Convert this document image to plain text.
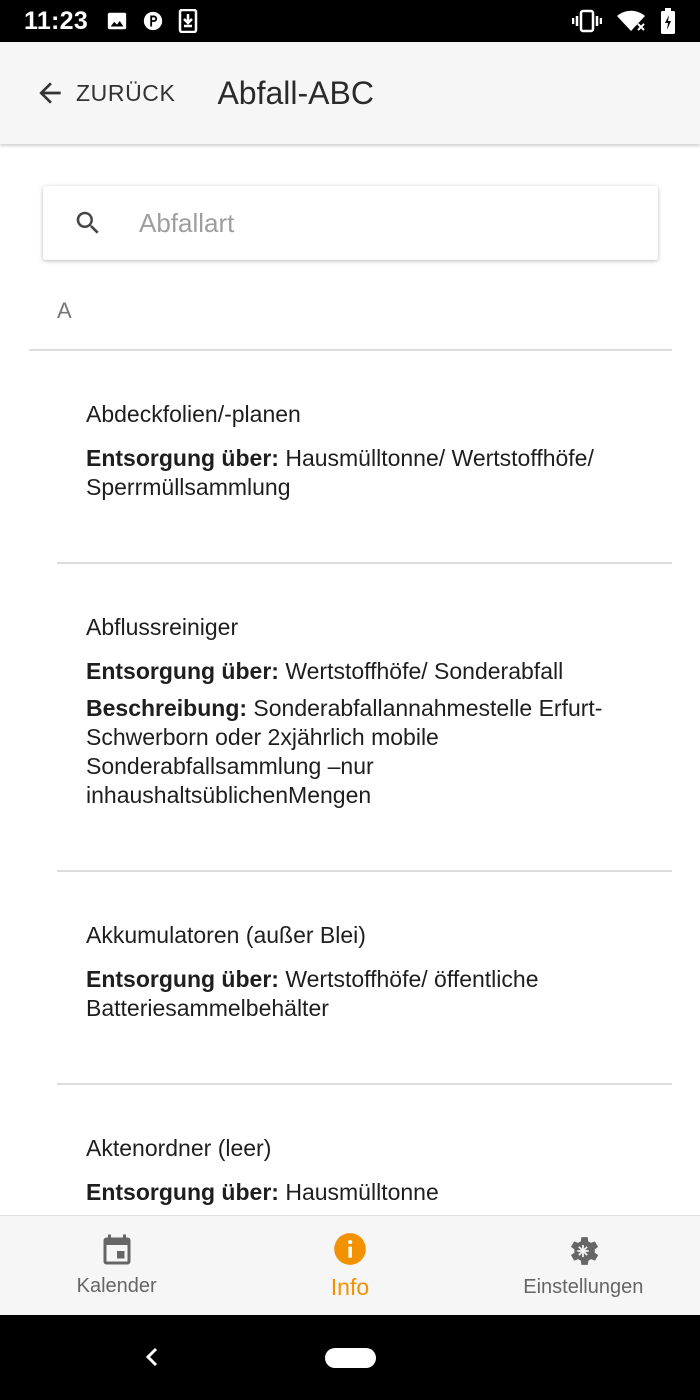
11:23
ZURÜCK Abfall-ABC
Abfallart
A
Abdeckfolien/-planen
Entsorgung über: Hausmülltonne/ Wertstoffhöfe/ Sperrmüllsammlung
Abflussreiniger
Entsorgung über: Wertstoffhöfe/ Sonderabfall
Beschreibung: Sonderabfallannahmestelle Erfurt-Schwerborn oder 2xjährlich mobile Sonderabfallsammlung –nur inhaushaltsüblichenMengen
Akkumulatoren (außer Blei)
Entsorgung über: Wertstoffhöfe/ öffentliche Batteriesammelbehälter
Aktenordner (leer)
Entsorgung über: Hausmülltonne
Kalender	Info	Einstellungen
